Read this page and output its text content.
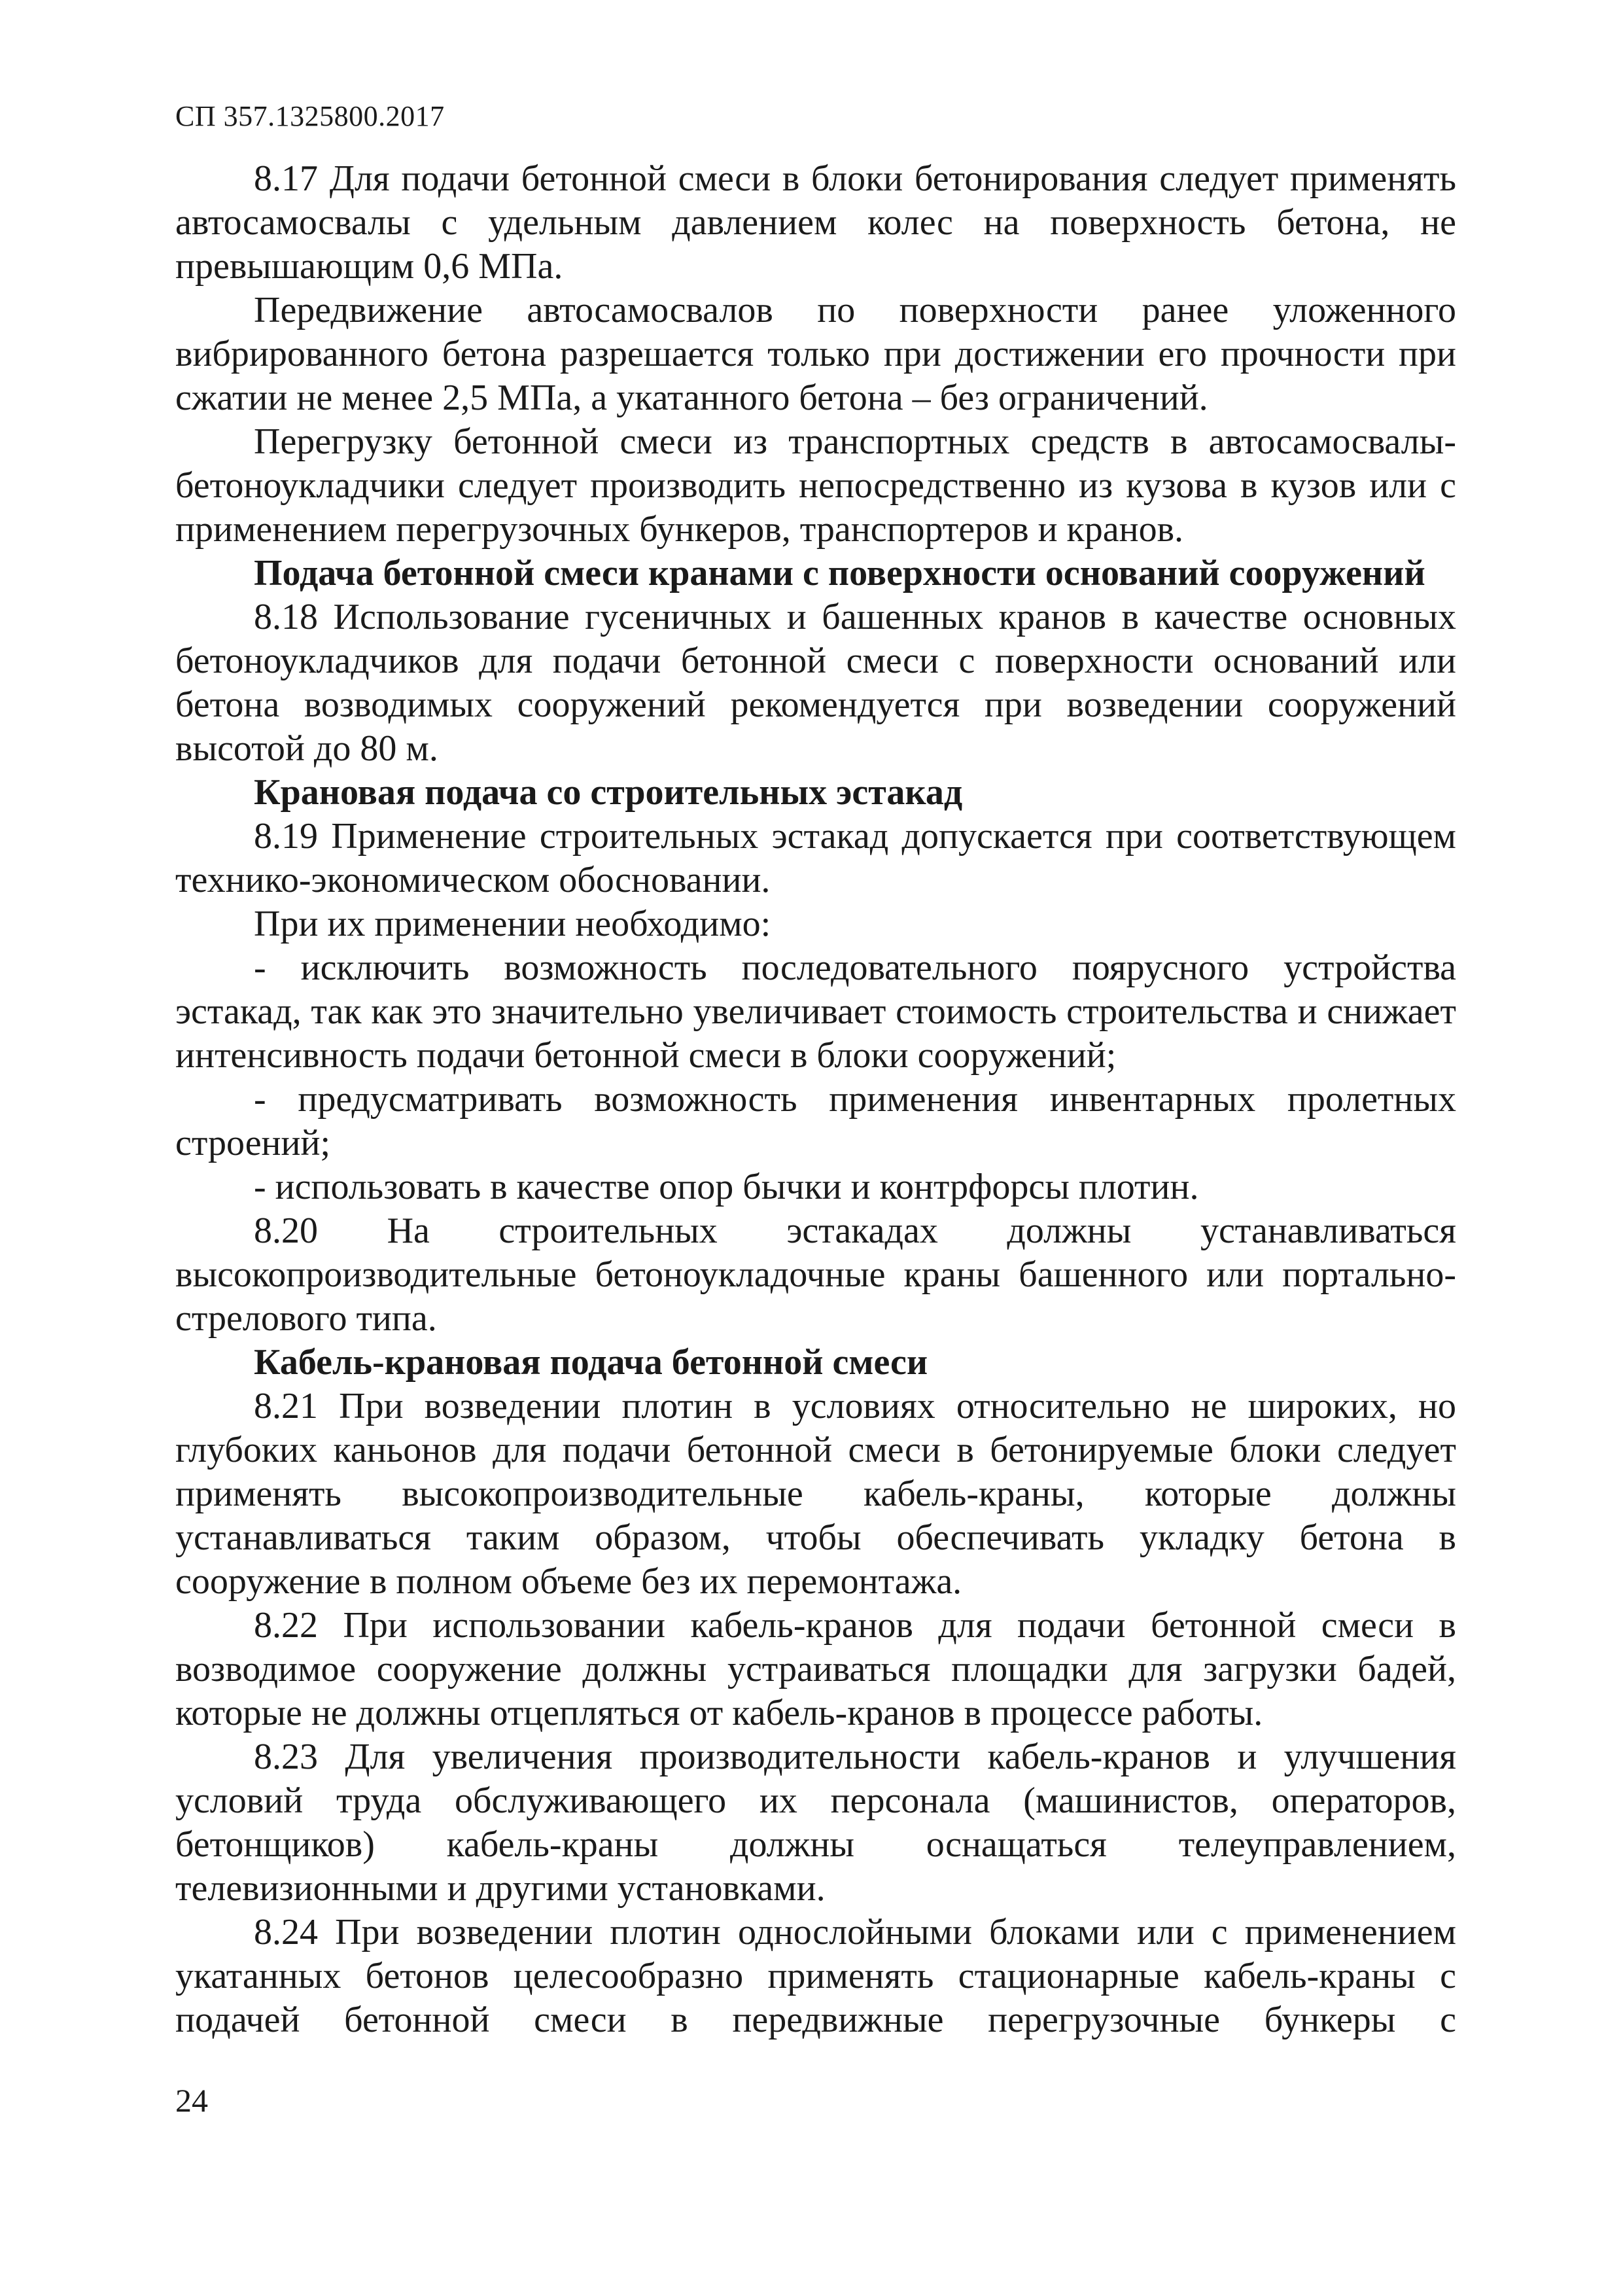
СП 357.1325800.2017

8.17 Для подачи бетонной смеси в блоки бетонирования следует применять автосамосвалы с удельным давлением колес на поверхность бетона, не превышающим 0,6 МПа.

Передвижение автосамосвалов по поверхности ранее уложенного вибрированного бетона разрешается только при достижении его прочности при сжатии не менее 2,5 МПа, а укатанного бетона – без ограничений.

Перегрузку бетонной смеси из транспортных средств в автосамосвалы-бетоноукладчики следует производить непосредственно из кузова в кузов или с применением перегрузочных бункеров, транспортеров и кранов.

Подача бетонной смеси кранами с поверхности оснований сооружений

8.18 Использование гусеничных и башенных кранов в качестве основных бетоноукладчиков для подачи бетонной смеси с поверхности оснований или бетона возводимых сооружений рекомендуется при возведении сооружений высотой до 80 м.

Крановая подача со строительных эстакад

8.19 Применение строительных эстакад допускается при соответствующем технико-экономическом обосновании.

При их применении необходимо:

- исключить возможность последовательного поярусного устройства эстакад, так как это значительно увеличивает стоимость строительства и снижает интенсивность подачи бетонной смеси в блоки сооружений;

- предусматривать возможность применения инвентарных пролетных строений;

- использовать в качестве опор бычки и контрфорсы плотин.

8.20 На строительных эстакадах должны устанавливаться высокопроизводительные бетоноукладочные краны башенного или портально-стрелового типа.

Кабель-крановая подача бетонной смеси

8.21 При возведении плотин в условиях относительно не широких, но глубоких каньонов для подачи бетонной смеси в бетонируемые блоки следует применять высокопроизводительные кабель-краны, которые должны устанавливаться таким образом, чтобы обеспечивать укладку бетона в сооружение в полном объеме без их перемонтажа.

8.22 При использовании кабель-кранов для подачи бетонной смеси в возводимое сооружение должны устраиваться площадки для загрузки бадей, которые не должны отцепляться от кабель-кранов в процессе работы.

8.23 Для увеличения производительности кабель-кранов и улучшения условий труда обслуживающего их персонала (машинистов, операторов, бетонщиков) кабель-краны должны оснащаться телеуправлением, телевизионными и другими установками.

8.24 При возведении плотин однослойными блоками или с применением укатанных бетонов целесообразно применять стационарные кабель-краны с подачей бетонной смеси в передвижные перегрузочные бункеры с

24
